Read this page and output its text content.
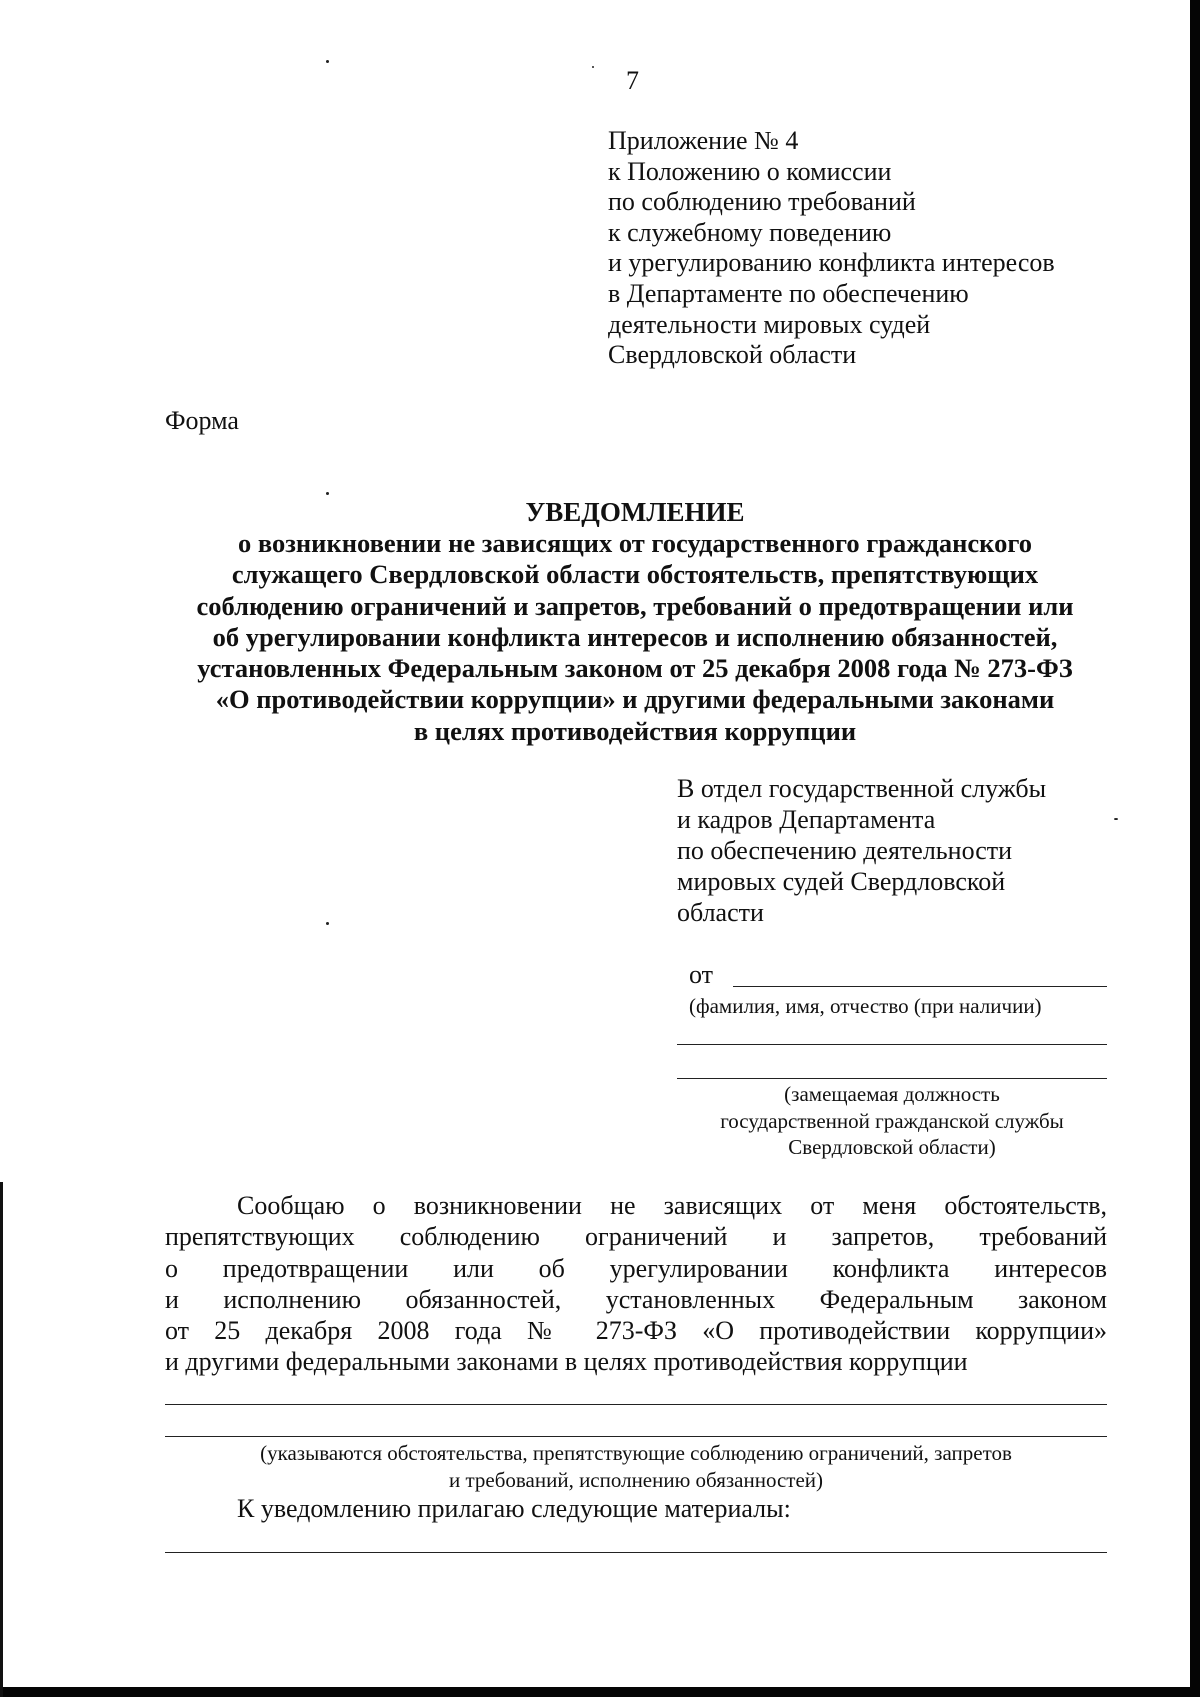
7
Приложение № 4
к Положению о комиссии
по соблюдению требований
к служебному поведению
и урегулированию конфликта интересов
в Департаменте по обеспечению
деятельности мировых судей
Свердловской области
Форма
УВЕДОМЛЕНИЕ
о возникновении не зависящих от государственного гражданского
служащего Свердловской области обстоятельств, препятствующих
соблюдению ограничений и запретов, требований о предотвращении или
об урегулировании конфликта интересов и исполнению обязанностей,
установленных Федеральным законом от 25 декабря 2008 года № 273-ФЗ
«О противодействии коррупции» и другими федеральными законами
в целях противодействия коррупции
В отдел государственной службы
и кадров Департамента
по обеспечению деятельности
мировых судей Свердловской
области
от
(фамилия, имя, отчество (при наличии)
(замещаемая должность
государственной гражданской службы
Свердловской области)
Сообщаю о возникновении не зависящих от меня обстоятельств,
препятствующих соблюдению ограничений и запретов, требований
о предотвращении или об урегулировании конфликта интересов
и исполнению обязанностей, установленных Федеральным законом
от 25 декабря 2008 года № 273-ФЗ «О противодействии коррупции»
и другими федеральными законами в целях противодействия коррупции
(указываются обстоятельства, препятствующие соблюдению ограничений, запретов
и требований, исполнению обязанностей)
К уведомлению прилагаю следующие материалы:
